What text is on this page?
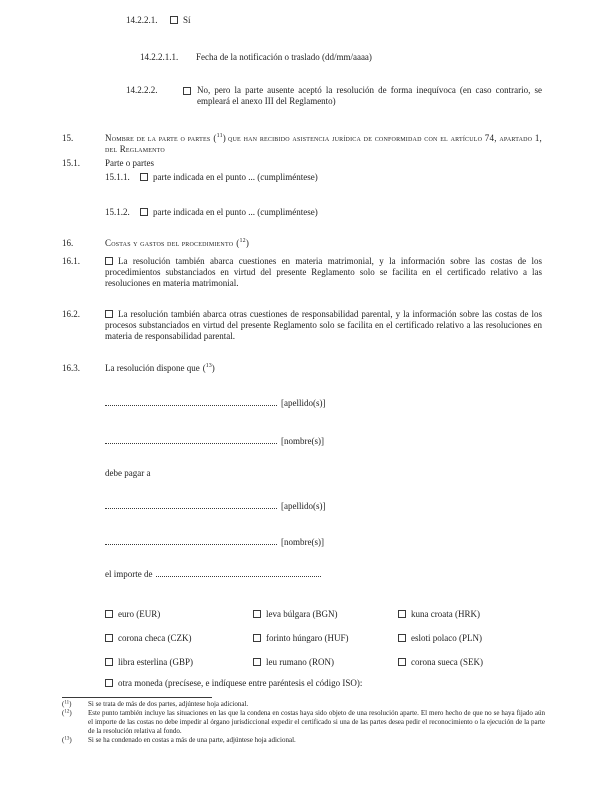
14.2.2.1.	Sí
14.2.2.1.1.	Fecha de la notificación o traslado (dd/mm/aaaa)
14.2.2.2.	No, pero la parte ausente aceptó la resolución de forma inequívoca (en caso contrario, se empleará el anexo III del Reglamento)
15.	Nombre de la parte o partes ($^{11}$) que han recibido asistencia jurídica de conformidad con el artículo 74, apartado 1, del Reglamento
15.1.	Parte o partes
15.1.1.	parte indicada en el punto ... (cumpliméntese)
15.1.2.	parte indicada en el punto ... (cumpliméntese)
16.	Costas y gastos del procedimiento ($^{12}$)
16.1.	La resolución también abarca cuestiones en materia matrimonial, y la información sobre las costas de los procedimientos substanciados en virtud del presente Reglamento solo se facilita en el certificado relativo a las resoluciones en materia matrimonial.
16.2.	La resolución también abarca otras cuestiones de responsabilidad parental, y la información sobre las costas de los procesos substanciados en virtud del presente Reglamento solo se facilita en el certificado relativo a las resoluciones en materia de responsabilidad parental.
16.3.	La resolución dispone que ($^{13}$)
[apellido(s)]
[nombre(s)]
debe pagar a
[apellido(s)]
[nombre(s)]
el importe de
euro (EUR)	leva búlgara (BGN)	kuna croata (HRK)
corona checa (CZK)	forinto húngaro (HUF)	esloti polaco (PLN)
libra esterlina (GBP)	leu rumano (RON)	corona sueca (SEK)
otra moneda (precísese, e indíquese entre paréntesis el código ISO):
($^{11}$)	Si se trata de más de dos partes, adjúntese hoja adicional.
($^{12}$)	Este punto también incluye las situaciones en las que la condena en costas haya sido objeto de una resolución aparte. El mero hecho de que no se haya fijado aún el importe de las costas no debe impedir al órgano jurisdiccional expedir el certificado si una de las partes desea pedir el reconocimiento o la ejecución de la parte de la resolución relativa al fondo.
($^{13}$)	Si se ha condenado en costas a más de una parte, adjúntese hoja adicional.
